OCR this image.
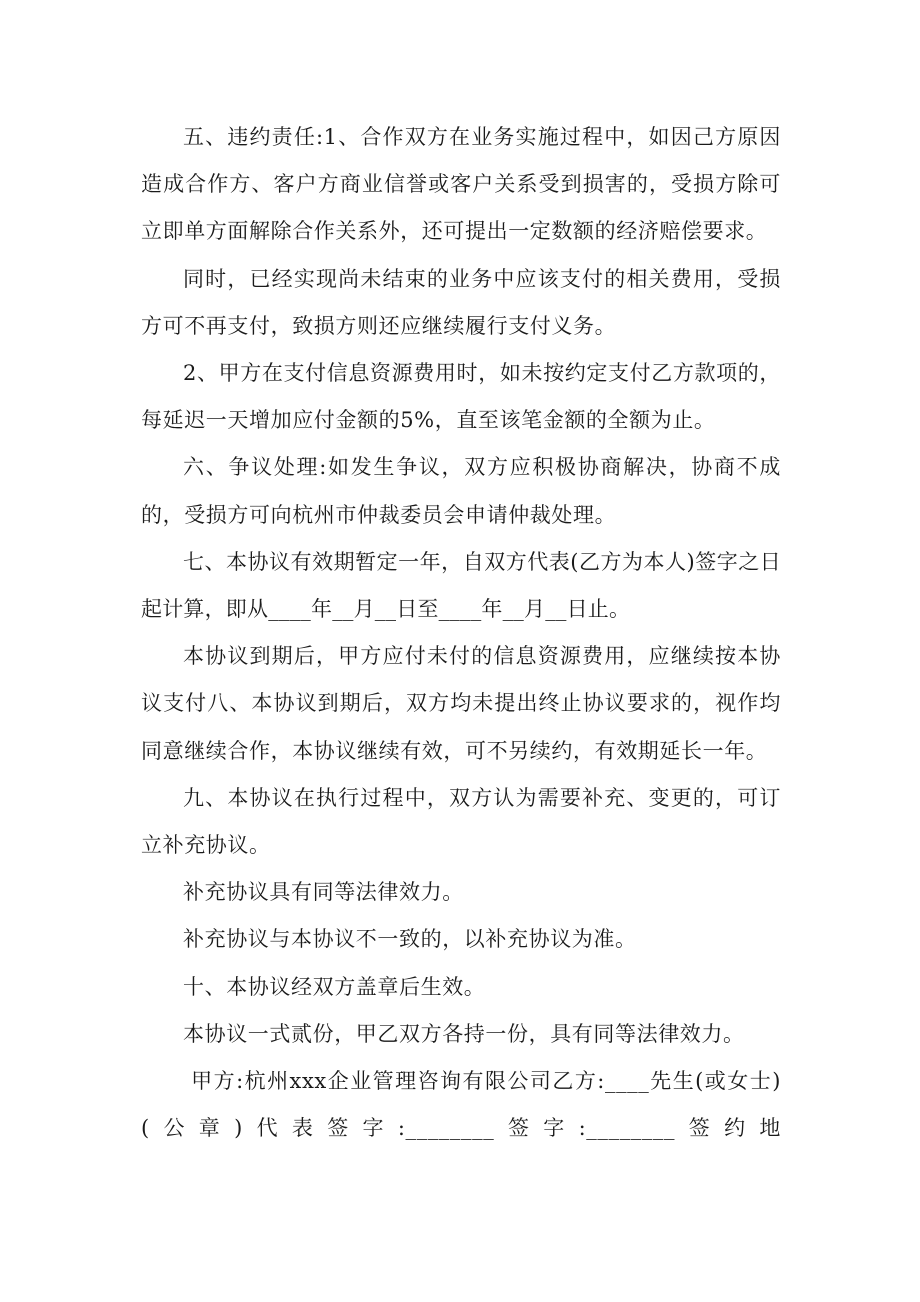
五、违约责任:1、合作双方在业务实施过程中，如因己方原因造成合作方、客户方商业信誉或客户关系受到损害的，受损方除可立即单方面解除合作关系外，还可提出一定数额的经济赔偿要求。

同时，已经实现尚未结束的业务中应该支付的相关费用，受损方可不再支付，致损方则还应继续履行支付义务。

2、甲方在支付信息资源费用时，如未按约定支付乙方款项的，每延迟一天增加应付金额的5%，直至该笔金额的全额为止。

六、争议处理:如发生争议，双方应积极协商解决，协商不成的，受损方可向杭州市仲裁委员会申请仲裁处理。

七、本协议有效期暂定一年，自双方代表(乙方为本人)签字之日起计算，即从____年__月__日至____年__月__日止。

本协议到期后，甲方应付未付的信息资源费用，应继续按本协议支付八、本协议到期后，双方均未提出终止协议要求的，视作均同意继续合作，本协议继续有效，可不另续约，有效期延长一年。

九、本协议在执行过程中，双方认为需要补充、变更的，可订立补充协议。

补充协议具有同等法律效力。

补充协议与本协议不一致的，以补充协议为准。

十、本协议经双方盖章后生效。

本协议一式贰份，甲乙双方各持一份，具有同等法律效力。

甲方:杭州xxx企业管理咨询有限公司乙方:____先生(或女士)(公章)代表签字:________签字:________签约地
